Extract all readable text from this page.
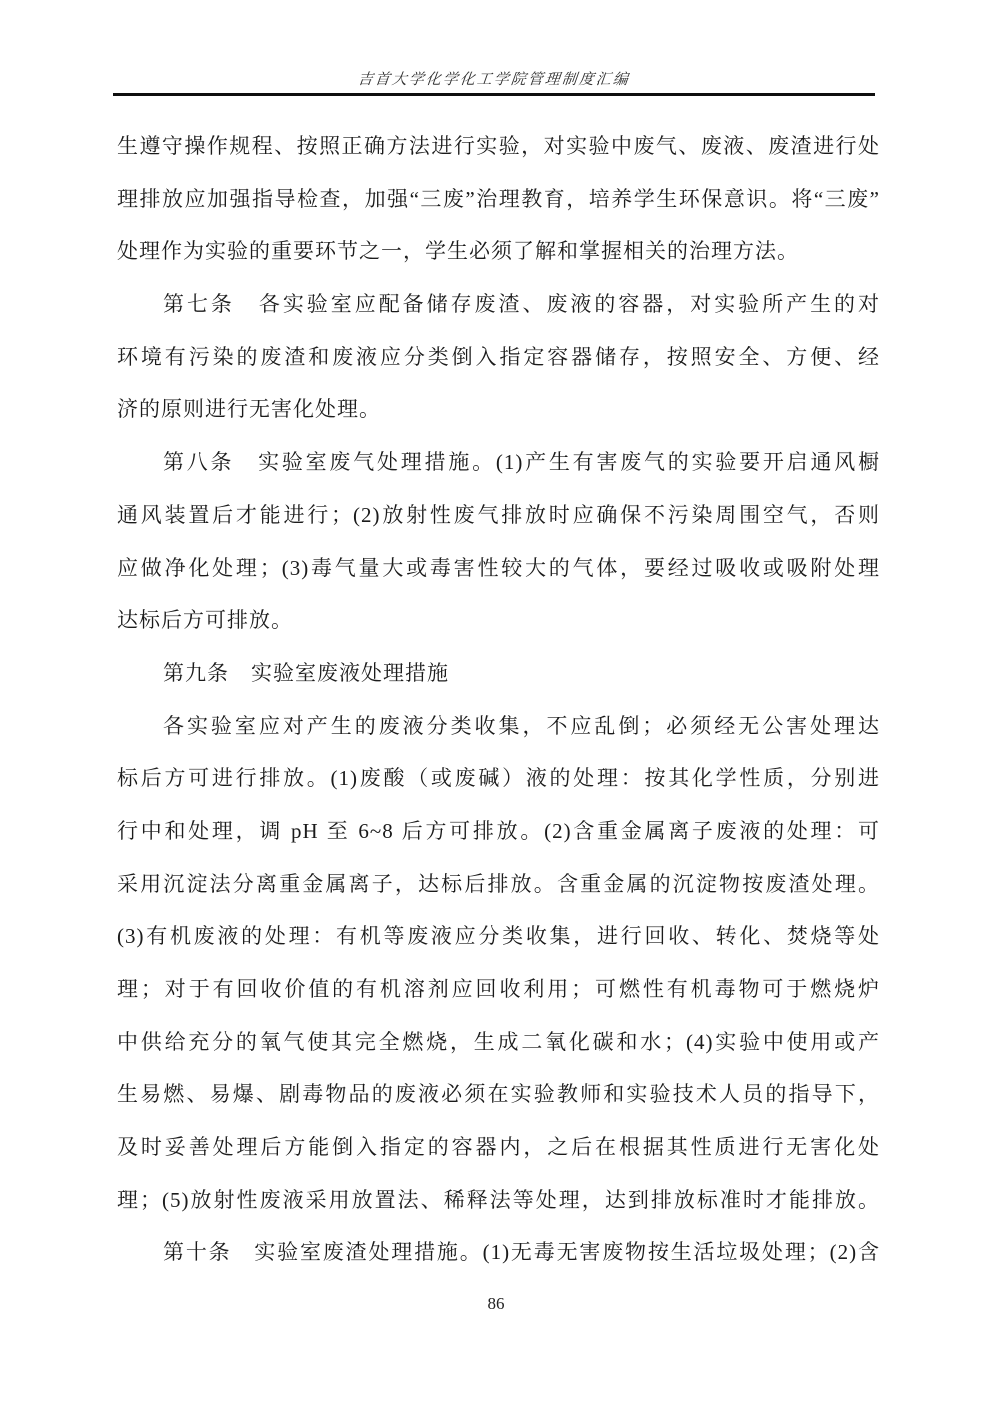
吉首大学化学化工学院管理制度汇编
生遵守操作规程、按照正确方法进行实验，对实验中废气、废液、废渣进行处
理排放应加强指导检查，加强“三废”治理教育，培养学生环保意识。将“三废”
处理作为实验的重要环节之一，学生必须了解和掌握相关的治理方法。
第七条　各实验室应配备储存废渣、废液的容器，对实验所产生的对
环境有污染的废渣和废液应分类倒入指定容器储存，按照安全、方便、经
济的原则进行无害化处理。
第八条　实验室废气处理措施。(1)产生有害废气的实验要开启通风橱
通风装置后才能进行；(2)放射性废气排放时应确保不污染周围空气，否则
应做净化处理；(3)毒气量大或毒害性较大的气体，要经过吸收或吸附处理
达标后方可排放。
第九条　实验室废液处理措施
各实验室应对产生的废液分类收集，不应乱倒；必须经无公害处理达
标后方可进行排放。(1)废酸（或废碱）液的处理：按其化学性质，分别进
行中和处理，调 pH 至 6~8 后方可排放。(2)含重金属离子废液的处理：可
采用沉淀法分离重金属离子，达标后排放。含重金属的沉淀物按废渣处理。
(3)有机废液的处理：有机等废液应分类收集，进行回收、转化、焚烧等处
理；对于有回收价值的有机溶剂应回收利用；可燃性有机毒物可于燃烧炉
中供给充分的氧气使其完全燃烧，生成二氧化碳和水；(4)实验中使用或产
生易燃、易爆、剧毒物品的废液必须在实验教师和实验技术人员的指导下，
及时妥善处理后方能倒入指定的容器内，之后在根据其性质进行无害化处
理；(5)放射性废液采用放置法、稀释法等处理，达到排放标准时才能排放。
第十条　实验室废渣处理措施。(1)无毒无害废物按生活垃圾处理；(2)含
86
